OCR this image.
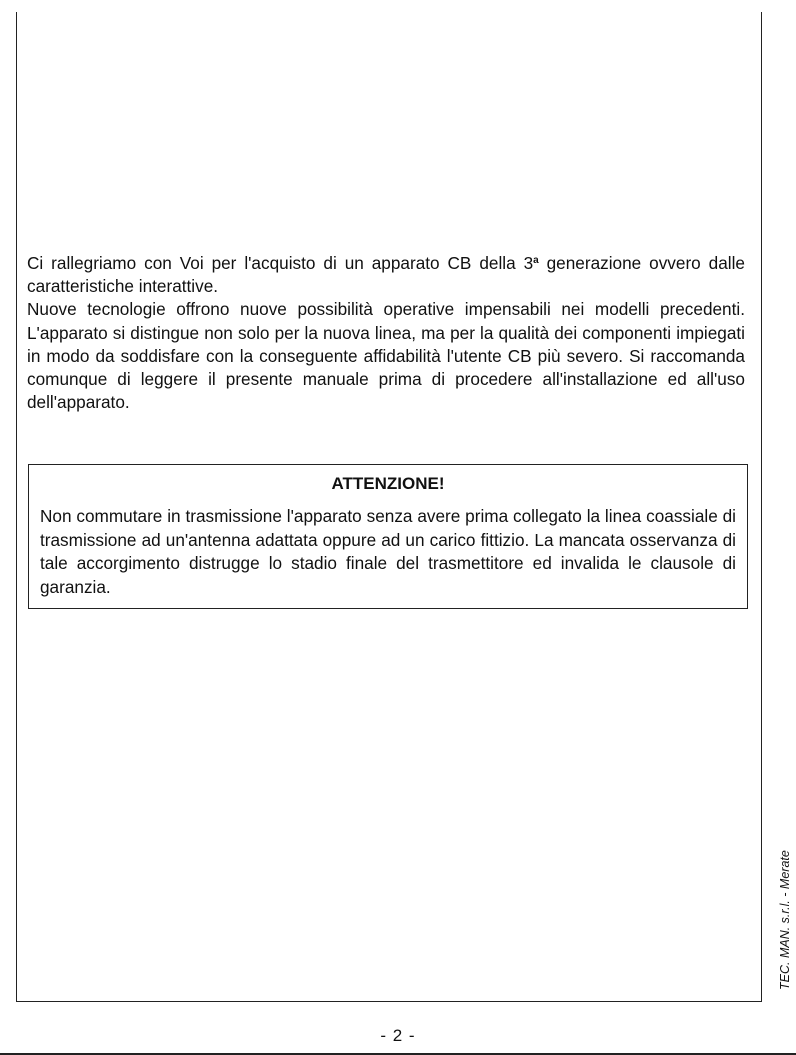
Ci rallegriamo con Voi per l'acquisto di un apparato CB della 3$^a$ generazione ovvero dalle caratteristiche interattive.

Nuove tecnologie offrono nuove possibilità operative impensabili nei modelli precedenti. L'apparato si distingue non solo per la nuova linea, ma per la qualità dei componenti impiegati in modo da soddisfare con la conseguente affidabilità l'utente CB più severo. Si raccomanda comunque di leggere il presente manuale prima di procedere all'installazione ed all'uso dell'apparato.

ATTENZIONE!

Non commutare in trasmissione l'apparato senza avere prima collegato la linea coassiale di trasmissione ad un'antenna adattata oppure ad un carico fittizio. La mancata osservanza di tale accorgimento distrugge lo stadio finale del trasmettitore ed invalida le clausole di garanzia.

TEC. MAN. s.r.l. - Merate
- 2 -
